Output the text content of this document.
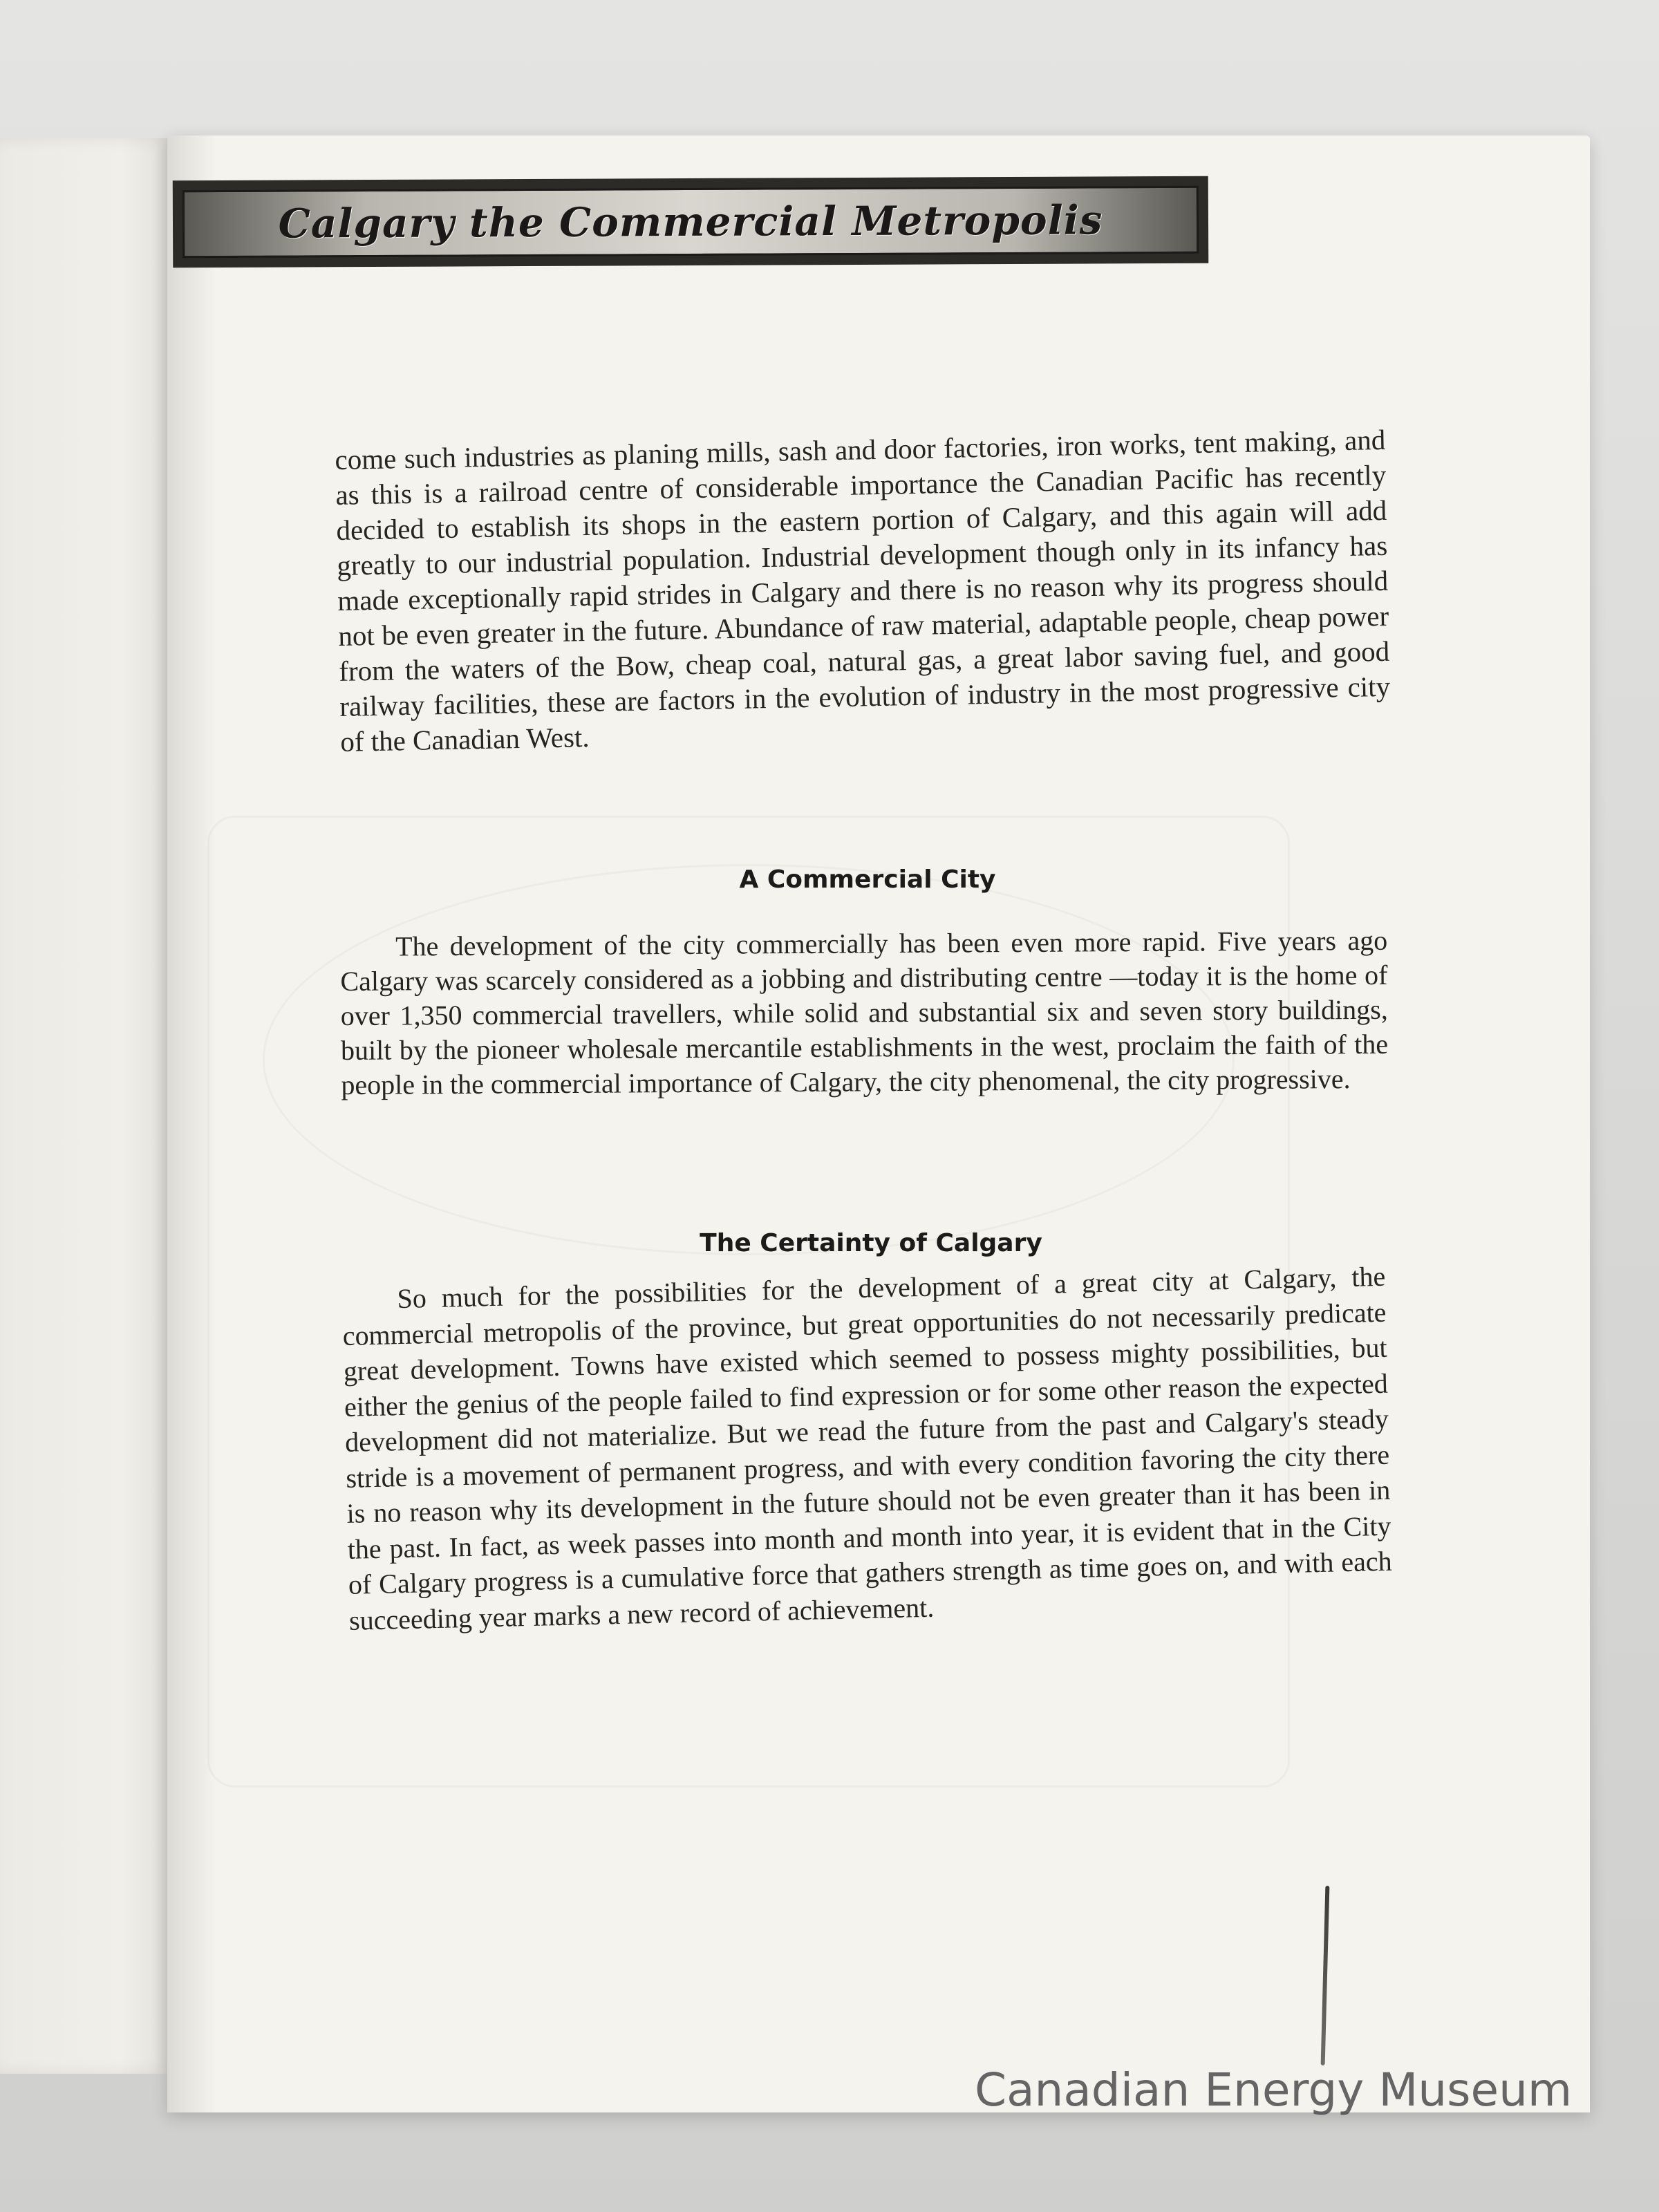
Calgary the Commercial Metropolis

come such industries as planing mills, sash and door factories, iron works, tent making, and as this is a railroad centre of considerable importance the Canadian Pacific has recently decided to establish its shops in the eastern portion of Calgary, and this again will add greatly to our industrial population. Industrial development though only in its infancy has made exceptionally rapid strides in Calgary and there is no reason why its progress should not be even greater in the future. Abundance of raw material, adaptable people, cheap power from the waters of the Bow, cheap coal, natural gas, a great labor saving fuel, and good railway facilities, these are factors in the evolution of industry in the most progressive city of the Canadian West.

A Commercial City

The development of the city commercially has been even more rapid. Five years ago Calgary was scarcely considered as a jobbing and distributing centre —today it is the home of over 1,350 commercial travellers, while solid and substantial six and seven story buildings, built by the pioneer wholesale mercantile establishments in the west, proclaim the faith of the people in the commercial importance of Calgary, the city phenomenal, the city progressive.

The Certainty of Calgary

So much for the possibilities for the development of a great city at Calgary, the commercial metropolis of the province, but great opportunities do not necessarily predicate great development. Towns have existed which seemed to possess mighty possibilities, but either the genius of the people failed to find expression or for some other reason the expected development did not materialize. But we read the future from the past and Calgary's steady stride is a movement of permanent progress, and with every condition favoring the city there is no reason why its development in the future should not be even greater than it has been in the past. In fact, as week passes into month and month into year, it is evident that in the City of Calgary progress is a cumulative force that gathers strength as time goes on, and with each succeeding year marks a new record of achievement.

Canadian Energy Museum
